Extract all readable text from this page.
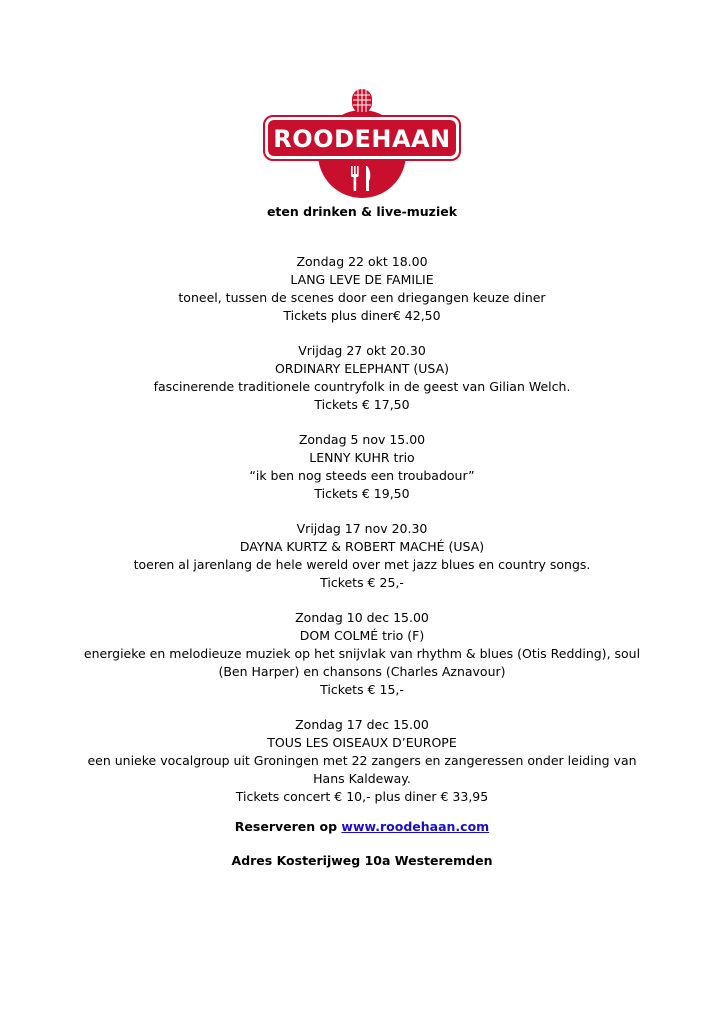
ROODEHAAN
eten drinken & live-muziek
Zondag 22 okt 18.00
LANG LEVE DE FAMILIE
toneel, tussen de scenes door een driegangen keuze diner
Tickets plus diner€ 42,50
Vrijdag 27 okt 20.30
ORDINARY ELEPHANT (USA)
fascinerende traditionele countryfolk in de geest van Gilian Welch.
Tickets € 17,50
Zondag 5 nov 15.00
LENNY KUHR trio
“ik ben nog steeds een troubadour”
Tickets € 19,50
Vrijdag 17 nov 20.30
DAYNA KURTZ & ROBERT MACHÉ (USA)
toeren al jarenlang de hele wereld over met jazz blues en country songs.
Tickets € 25,-
Zondag 10 dec 15.00
DOM COLMÉ trio (F)
energieke en melodieuze muziek op het snijvlak van rhythm & blues (Otis Redding), soul
(Ben Harper) en chansons (Charles Aznavour)
Tickets € 15,-
Zondag 17 dec 15.00
TOUS LES OISEAUX D’EUROPE
een unieke vocalgroup uit Groningen met 22 zangers en zangeressen onder leiding van
Hans Kaldeway.
Tickets concert € 10,- plus diner € 33,95
Reserveren op www.roodehaan.com
Adres Kosterijweg 10a Westeremden
